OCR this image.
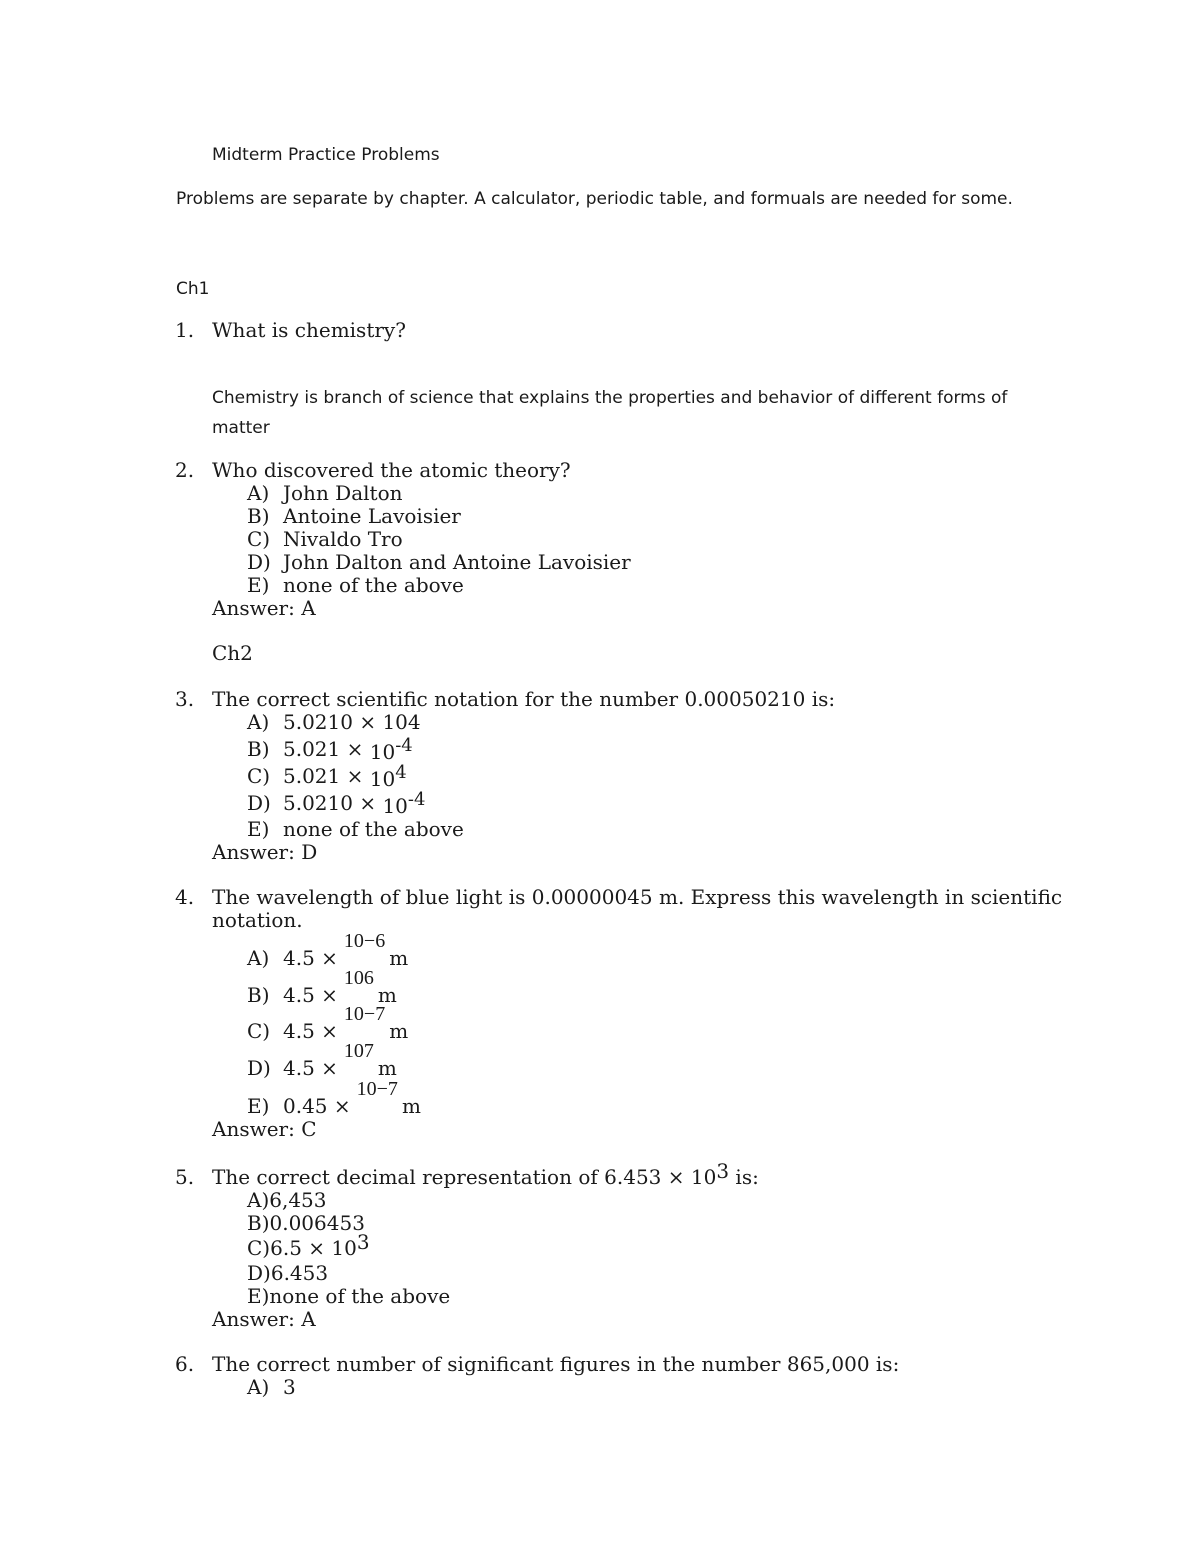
Midterm Practice Problems
Problems are separate by chapter. A calculator, periodic table, and formuals are needed for some.
Ch1
1. What is chemistry?
Chemistry is branch of science that explains the properties and behavior of different forms of
matter
2. Who discovered the atomic theory?
A) John Dalton
B) Antoine Lavoisier
C) Nivaldo Tro
D) John Dalton and Antoine Lavoisier
E) none of the above
Answer: A
Ch2
3. The correct scientific notation for the number 0.00050210 is:
A) 5.0210 × 104
B) 5.021 × 10-4
C) 5.021 × 104
D) 5.0210 × 10-4
E) none of the above
Answer: D
4. The wavelength of blue light is 0.00000045 m. Express this wavelength in scientific
notation.
A) 4.5 ×10−6m
B) 4.5 ×106m
C) 4.5 ×10−7m
D) 4.5 ×107m
E) 0.45 ×10−7m
Answer: C
5. The correct decimal representation of 6.453 × 103 is:
A)6,453
B)0.006453
C)6.5 × 103
D)6.453
E)none of the above
Answer: A
6. The correct number of significant figures in the number 865,000 is:
A) 3
